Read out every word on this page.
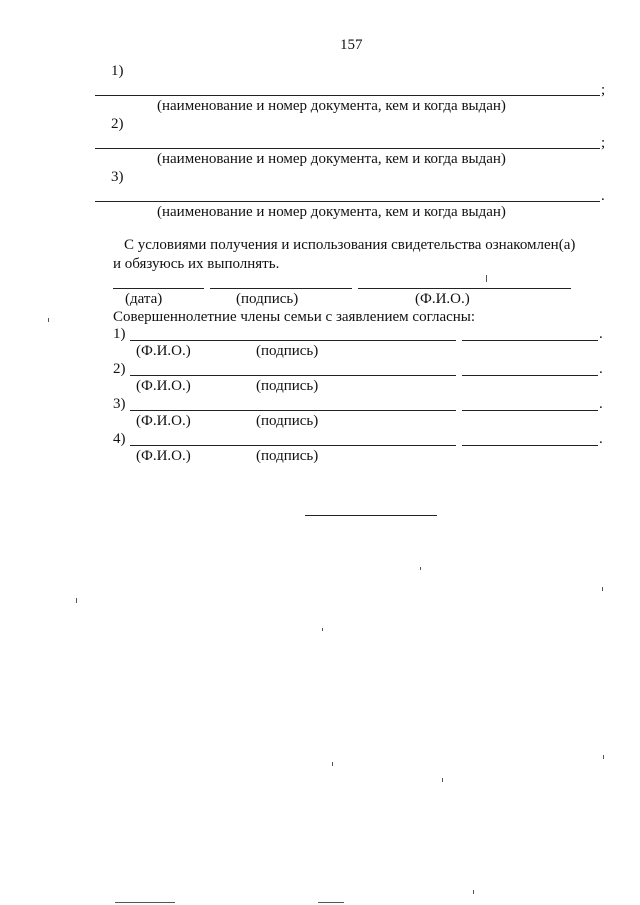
157
1)
;
(наименование и номер документа, кем и когда выдан)
2)
;
(наименование и номер документа, кем и когда выдан)
3)
.
(наименование и номер документа, кем и когда выдан)
С условиями получения и использования свидетельства ознакомлен(а)
и обязуюсь их выполнять.
(дата)	(подпись)	(Ф.И.О.)
Совершеннолетние члены семьи с заявлением согласны:
1)	.
(Ф.И.О.)	(подпись)
2)	.
(Ф.И.О.)	(подпись)
3)	.
(Ф.И.О.)	(подпись)
4)	.
(Ф.И.О.)	(подпись)
